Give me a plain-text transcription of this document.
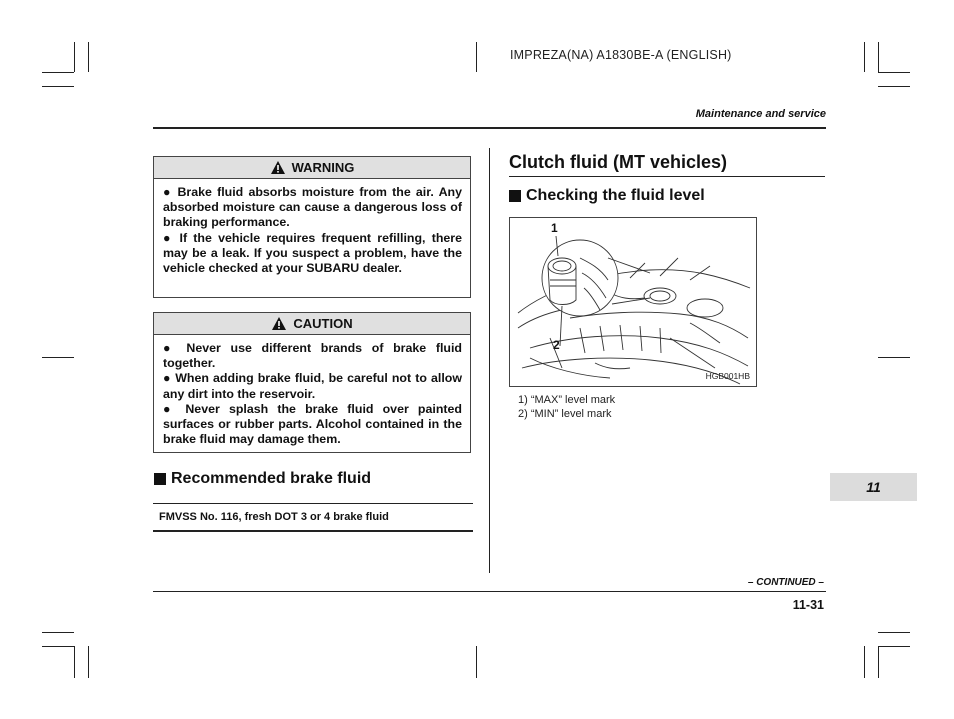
IMPREZA(NA) A1830BE-A (ENGLISH)
Maintenance and service
WARNING

● Brake fluid absorbs moisture from the air. Any absorbed moisture can cause a dangerous loss of braking performance.

● If the vehicle requires frequent refilling, there may be a leak. If you suspect a problem, have the vehicle checked at your SUBARU dealer.

CAUTION

● Never use different brands of brake fluid together.

● When adding brake fluid, be careful not to allow any dirt into the reservoir.

● Never splash the brake fluid over painted surfaces or rubber parts. Alcohol contained in the brake fluid may damage them.

Recommended brake fluid
FMVSS No. 116, fresh DOT 3 or 4 brake fluid
Clutch fluid (MT vehicles)
Checking the fluid level
1
2
HGB001HB
1) “MAX” level mark
2) “MIN” level mark
11
– CONTINUED –
11-31
